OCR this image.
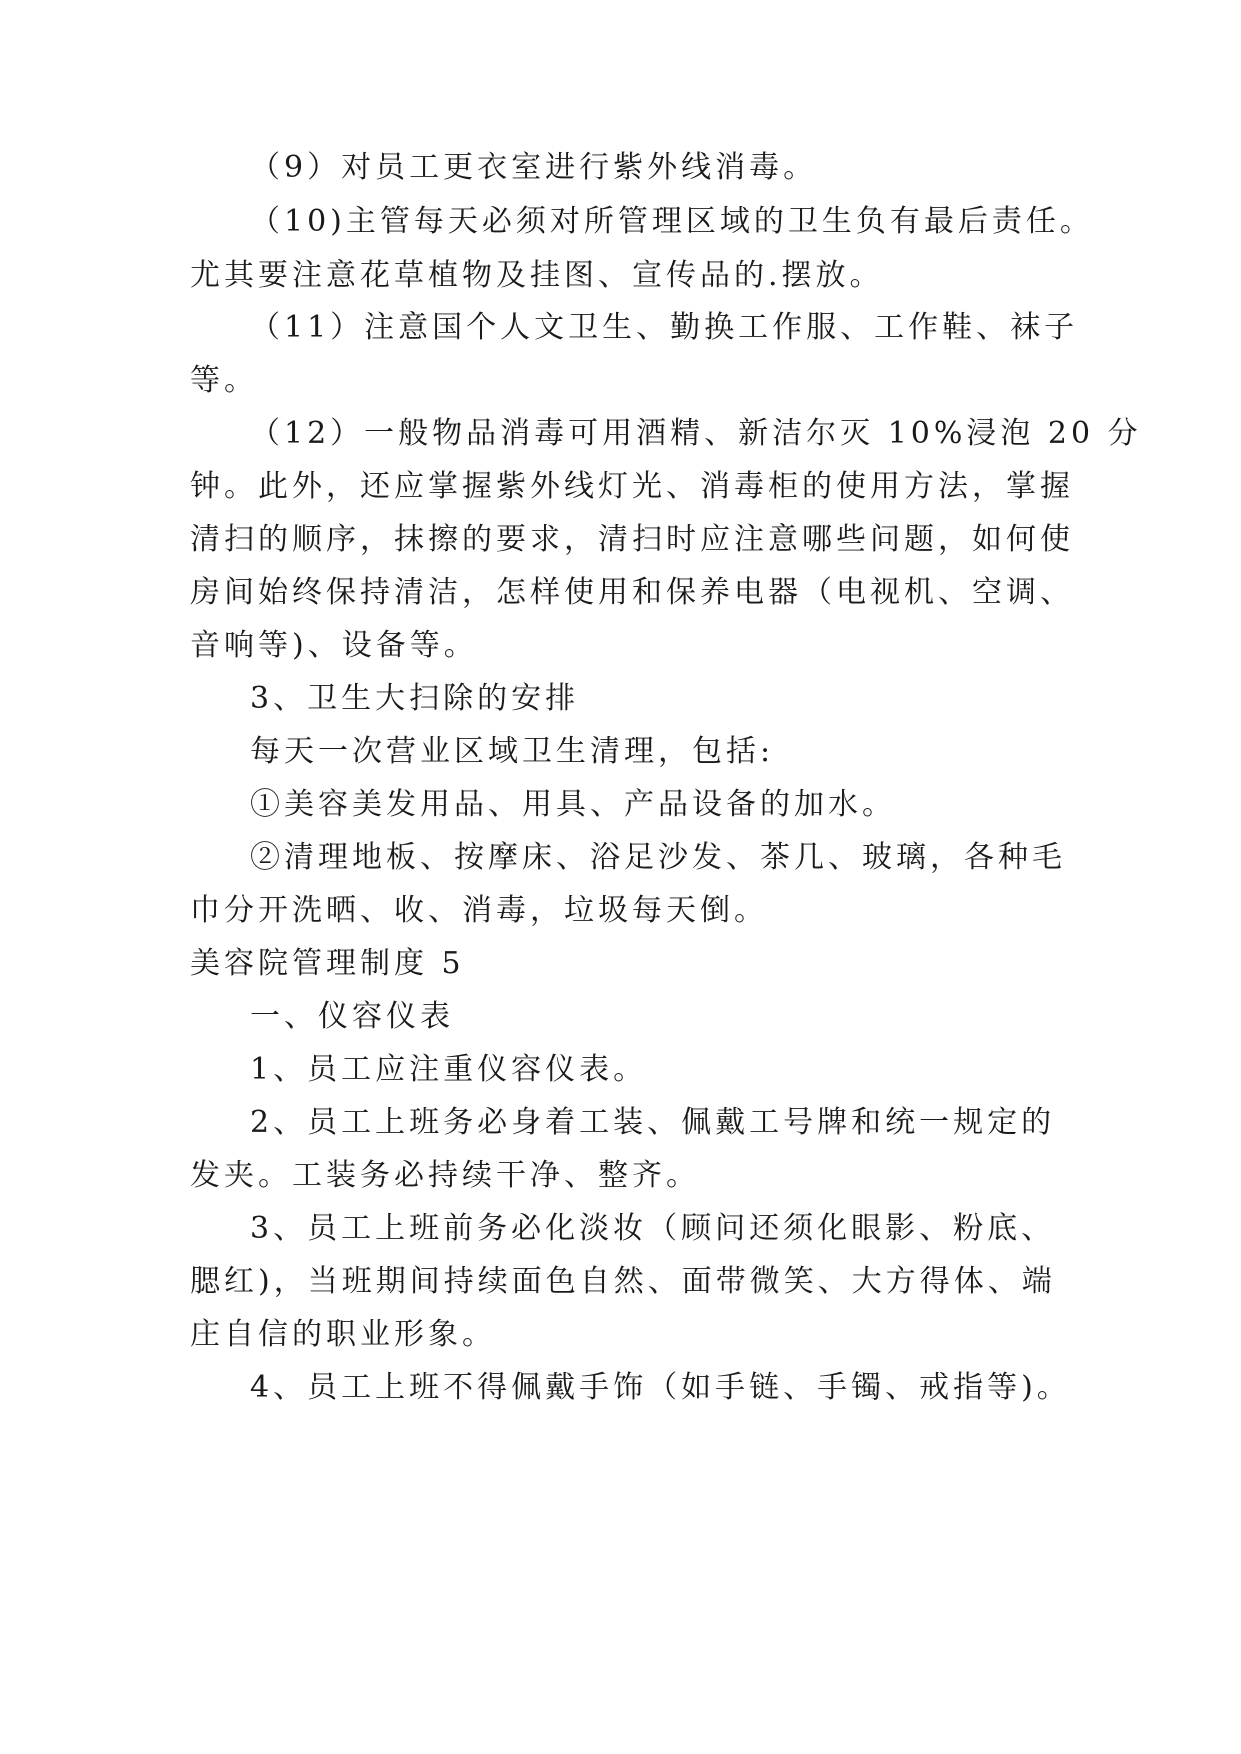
（9）对员工更衣室进行紫外线消毒。
（10)主管每天必须对所管理区域的卫生负有最后责任。
尤其要注意花草植物及挂图、宣传品的.摆放。
（11）注意国个人文卫生、勤换工作服、工作鞋、袜子
等。
（12）一般物品消毒可用酒精、新洁尔灭 10%浸泡 20 分
钟。此外，还应掌握紫外线灯光、消毒柜的使用方法，掌握
清扫的顺序，抹擦的要求，清扫时应注意哪些问题，如何使
房间始终保持清洁，怎样使用和保养电器（电视机、空调、
音响等)、设备等。
3、卫生大扫除的安排
每天一次营业区域卫生清理，包括:
①美容美发用品、用具、产品设备的加水。
②清理地板、按摩床、浴足沙发、茶几、玻璃，各种毛
巾分开洗晒、收、消毒，垃圾每天倒。
美容院管理制度 5
一、仪容仪表
1、员工应注重仪容仪表。
2、员工上班务必身着工装、佩戴工号牌和统一规定的
发夹。工装务必持续干净、整齐。
3、员工上班前务必化淡妆（顾问还须化眼影、粉底、
腮红)，当班期间持续面色自然、面带微笑、大方得体、端
庄自信的职业形象。
4、员工上班不得佩戴手饰（如手链、手镯、戒指等)。
